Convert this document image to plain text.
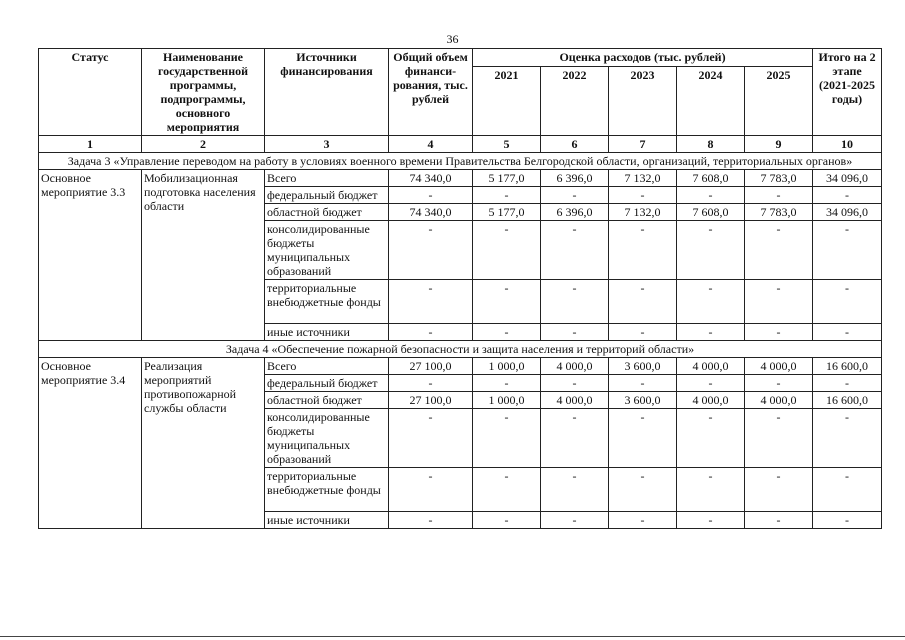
36
Статус	Наименование государственной программы, подпрограммы, основного мероприятия	Источники финансирования	Общий объем финанси-рования, тыс. рублей	Оценка расходов (тыс. рублей)					Итого на 2 этапе (2021-2025 годы)
				2021	2022	2023	2024	2025	
1	2	3	4	5	6	7	8	9	10
Задача 3 «Управление переводом на работу в условиях военного времени Правительства Белгородской области, организаций, территориальных органов»									
Основное мероприятие 3.3	Мобилизационная подготовка населения области	Всего	74 340,0	5 177,0	6 396,0	7 132,0	7 608,0	7 783,0	34 096,0
		федеральный бюджет	-	-	-	-	-	-	-
		областной бюджет	74 340,0	5 177,0	6 396,0	7 132,0	7 608,0	7 783,0	34 096,0
		консолидированные бюджеты муниципальных образований	-	-	-	-	-	-	-
		территориальные внебюджетные фонды	-	-	-	-	-	-	-
		иные источники	-	-	-	-	-	-	-
Задача 4 «Обеспечение пожарной безопасности и защита населения и территорий области»									
Основное мероприятие 3.4	Реализация мероприятий противопожарной службы области	Всего	27 100,0	1 000,0	4 000,0	3 600,0	4 000,0	4 000,0	16 600,0
		федеральный бюджет	-	-	-	-	-	-	-
		областной бюджет	27 100,0	1 000,0	4 000,0	3 600,0	4 000,0	4 000,0	16 600,0
		консолидированные бюджеты муниципальных образований	-	-	-	-	-	-	-
		территориальные внебюджетные фонды	-	-	-	-	-	-	-
		иные источники	-	-	-	-	-	-	-
